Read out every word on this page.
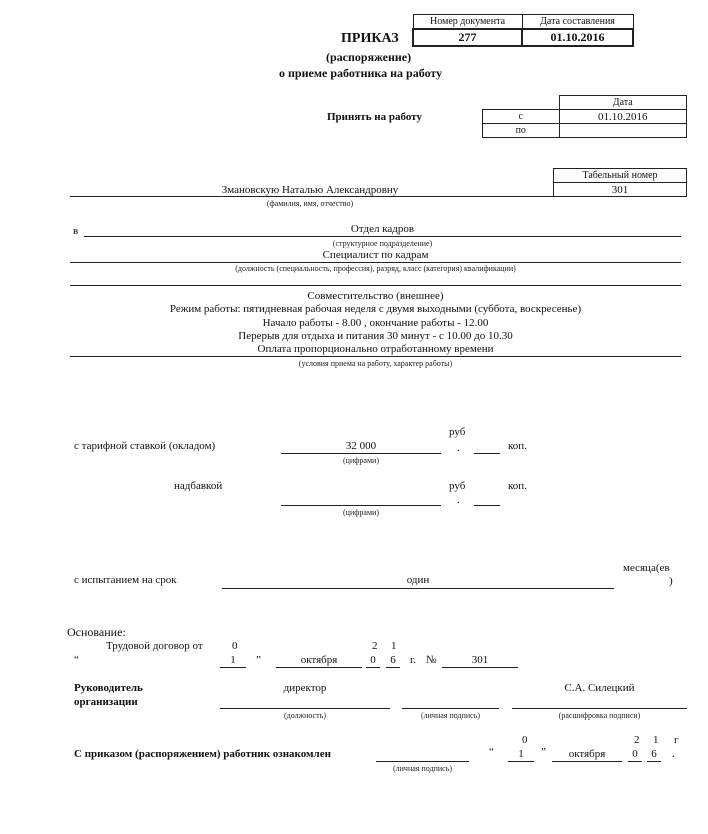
ПРИКАЗ
(распоряжение)
о приеме работника на работу
Номер документа	Дата составления
277	01.10.2016
Принять на работу
	Дата
с	01.10.2016
по	
Табельный номер
301
Змановскую Наталью Александровну
(фамилия, имя, отчество)
в	Отдел кадров
(структурное подразделение)
Специалист по кадрам
(должность (специальность, профессия), разряд, класс (категория) квалификации)
Совместительство (внешнее)
Режим работы: пятидневная рабочая неделя с двумя выходными (суббота, воскресенье)
Начало работы - 8.00 , окончание работы - 12.00
Перерыв для отдыха и питания 30 минут - с 10.00 до 10.30
Оплата пропорционально отработанному времени
(условия приема на работу, характер работы)
руб
с тарифной ставкой (окладом)	32 000	.	коп.
(цифрами)
надбавкой	руб	коп.
.
(цифрами)
месяца(ев
с испытанием на срок	один	)
Основание:
Трудовой договор от	0	2 1
“	1	”	октября	0	6	г. №	301
Руководитель
организации
директор
(должность)	(личная подпись)
С.А. Силецкий
(расшифровка подписи)
0	2 1 г
С приказом (распоряжением) работник ознакомлен
(личная подпись)
“	1	”	октября	0	6	.
